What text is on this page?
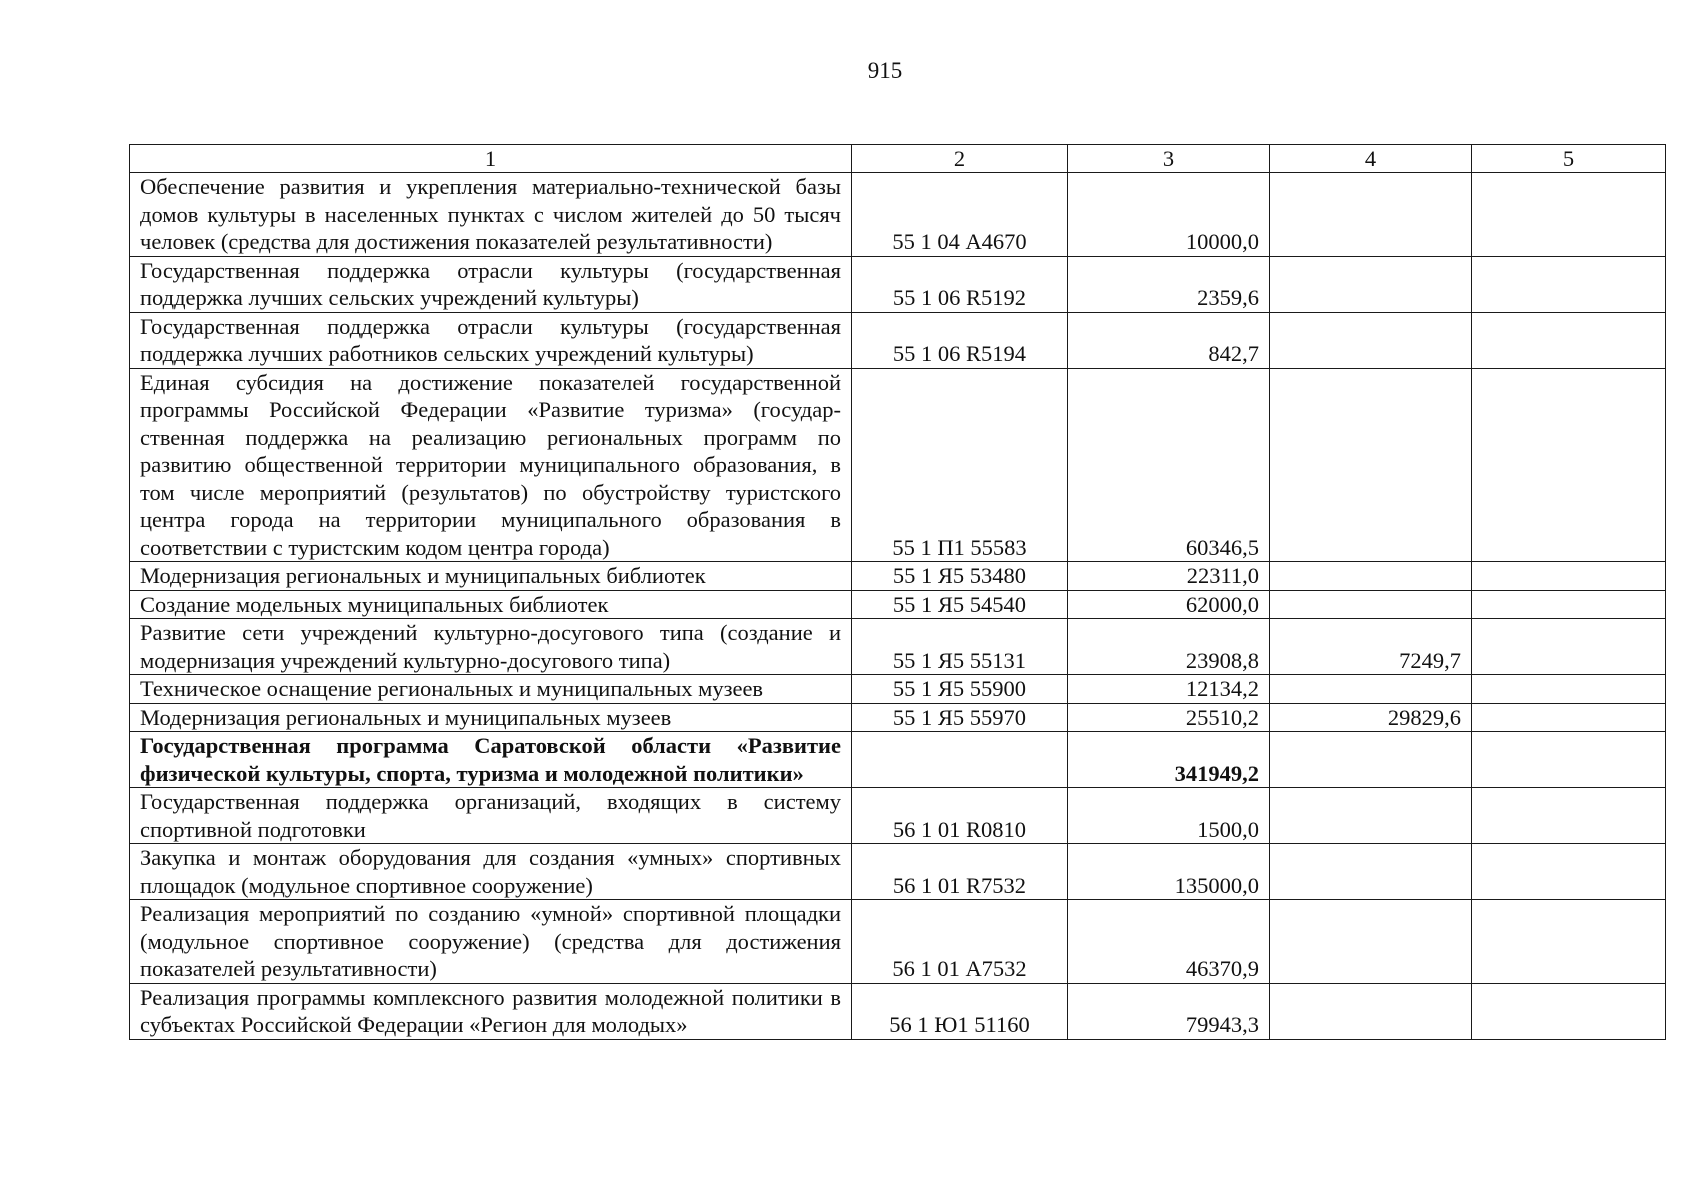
915
1	2	3	4	5
Обеспечение развития и укрепления материально-технической базы домов культуры в населенных пунктах с числом жителей до 50 тысяч человек (средства для достижения показателей результативности)	55 1 04 А4670	10000,0		
Государственная поддержка отрасли культуры (государственная поддержка лучших сельских учреждений культуры)	55 1 06 R5192	2359,6		
Государственная поддержка отрасли культуры (государственная поддержка лучших работников сельских учреждений культуры)	55 1 06 R5194	842,7		
Единая субсидия на достижение показателей государственной программы Российской Федерации «Развитие туризма» (государственная поддержка на реализацию региональных программ по развитию общественной территории муниципального образования, в том числе мероприятий (результатов) по обустройству туристского центра города на территории муниципального образования в соответствии с туристским кодом центра города)	55 1 П1 55583	60346,5		
Модернизация региональных и муниципальных библиотек	55 1 Я5 53480	22311,0		
Создание модельных муниципальных библиотек	55 1 Я5 54540	62000,0		
Развитие сети учреждений культурно-досугового типа (создание и модернизация учреждений культурно-досугового типа)	55 1 Я5 55131	23908,8	7249,7	
Техническое оснащение региональных и муниципальных музеев	55 1 Я5 55900	12134,2		
Модернизация региональных и муниципальных музеев	55 1 Я5 55970	25510,2	29829,6	
Государственная программа Саратовской области «Развитие физической культуры, спорта, туризма и молодежной политики»		341949,2		
Государственная поддержка организаций, входящих в систему спортивной подготовки	56 1 01 R0810	1500,0		
Закупка и монтаж оборудования для создания «умных» спортивных площадок (модульное спортивное сооружение)	56 1 01 R7532	135000,0		
Реализация мероприятий по созданию «умной» спортивной площадки (модульное спортивное сооружение) (средства для достижения показателей результативности)	56 1 01 А7532	46370,9		
Реализация программы комплексного развития молодежной политики в субъектах Российской Федерации «Регион для молодых»	56 1 Ю1 51160	79943,3		
